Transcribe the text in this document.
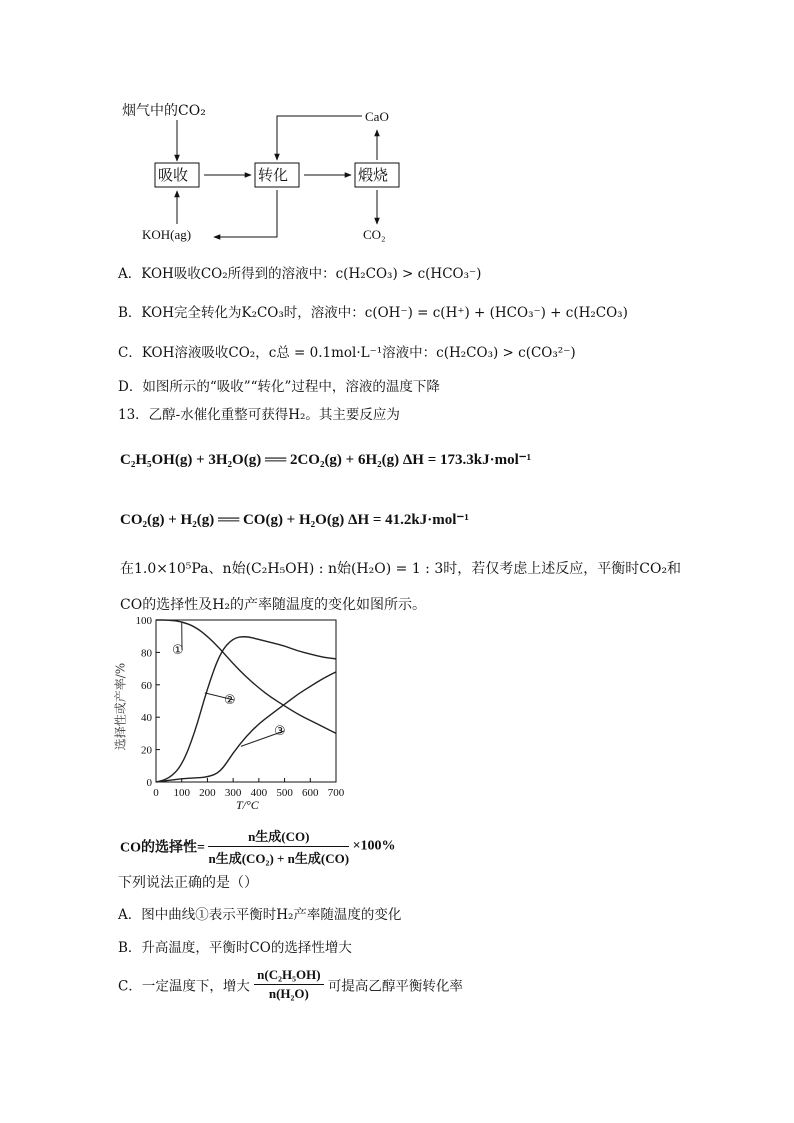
烟气中的CO₂
吸收	转化	煅烧
CaO
KOH(ag)	CO₂
A．KOH吸收CO₂所得到的溶液中：c(H₂CO₃) > c(HCO₃⁻)
B．KOH完全转化为K₂CO₃时，溶液中：c(OH⁻) = c(H⁺) + (HCO₃⁻) + c(H₂CO₃)
C．KOH溶液吸收CO₂，c总 = 0.1mol·L⁻¹溶液中：c(H₂CO₃) > c(CO₃²⁻)
D．如图所示的“吸收”“转化”过程中，溶液的温度下降
13．乙醇-水催化重整可获得H₂。其主要反应为
C₂H₅OH(g) + 3H₂O(g) ══ 2CO₂(g) + 6H₂(g) ΔH = 173.3kJ·mol⁻¹
CO₂(g) + H₂(g) ══ CO(g) + H₂O(g) ΔH = 41.2kJ·mol⁻¹
在1.0×10⁵Pa、n始(C₂H₅OH) : n始(H₂O) = 1 : 3时，若仅考虑上述反应，平衡时CO₂和
CO的选择性及H₂的产率随温度的变化如图所示。
0 100 200 300 400 500 600 700
0
20
40
60
80
100
①
②
③
选择性或产率/%
T/°C
CO的选择性= $\frac{\text{n生成(CO)}}{\text{n生成(CO₂) + n生成(CO)}} \times 100\%$
下列说法正确的是（）
A．图中曲线①表示平衡时H₂产率随温度的变化
B．升高温度，平衡时CO的选择性增大
C．一定温度下，增大 $\frac{\text{n(C₂H₅OH)}}{\text{n(H₂O)}}$ 可提高乙醇平衡转化率
